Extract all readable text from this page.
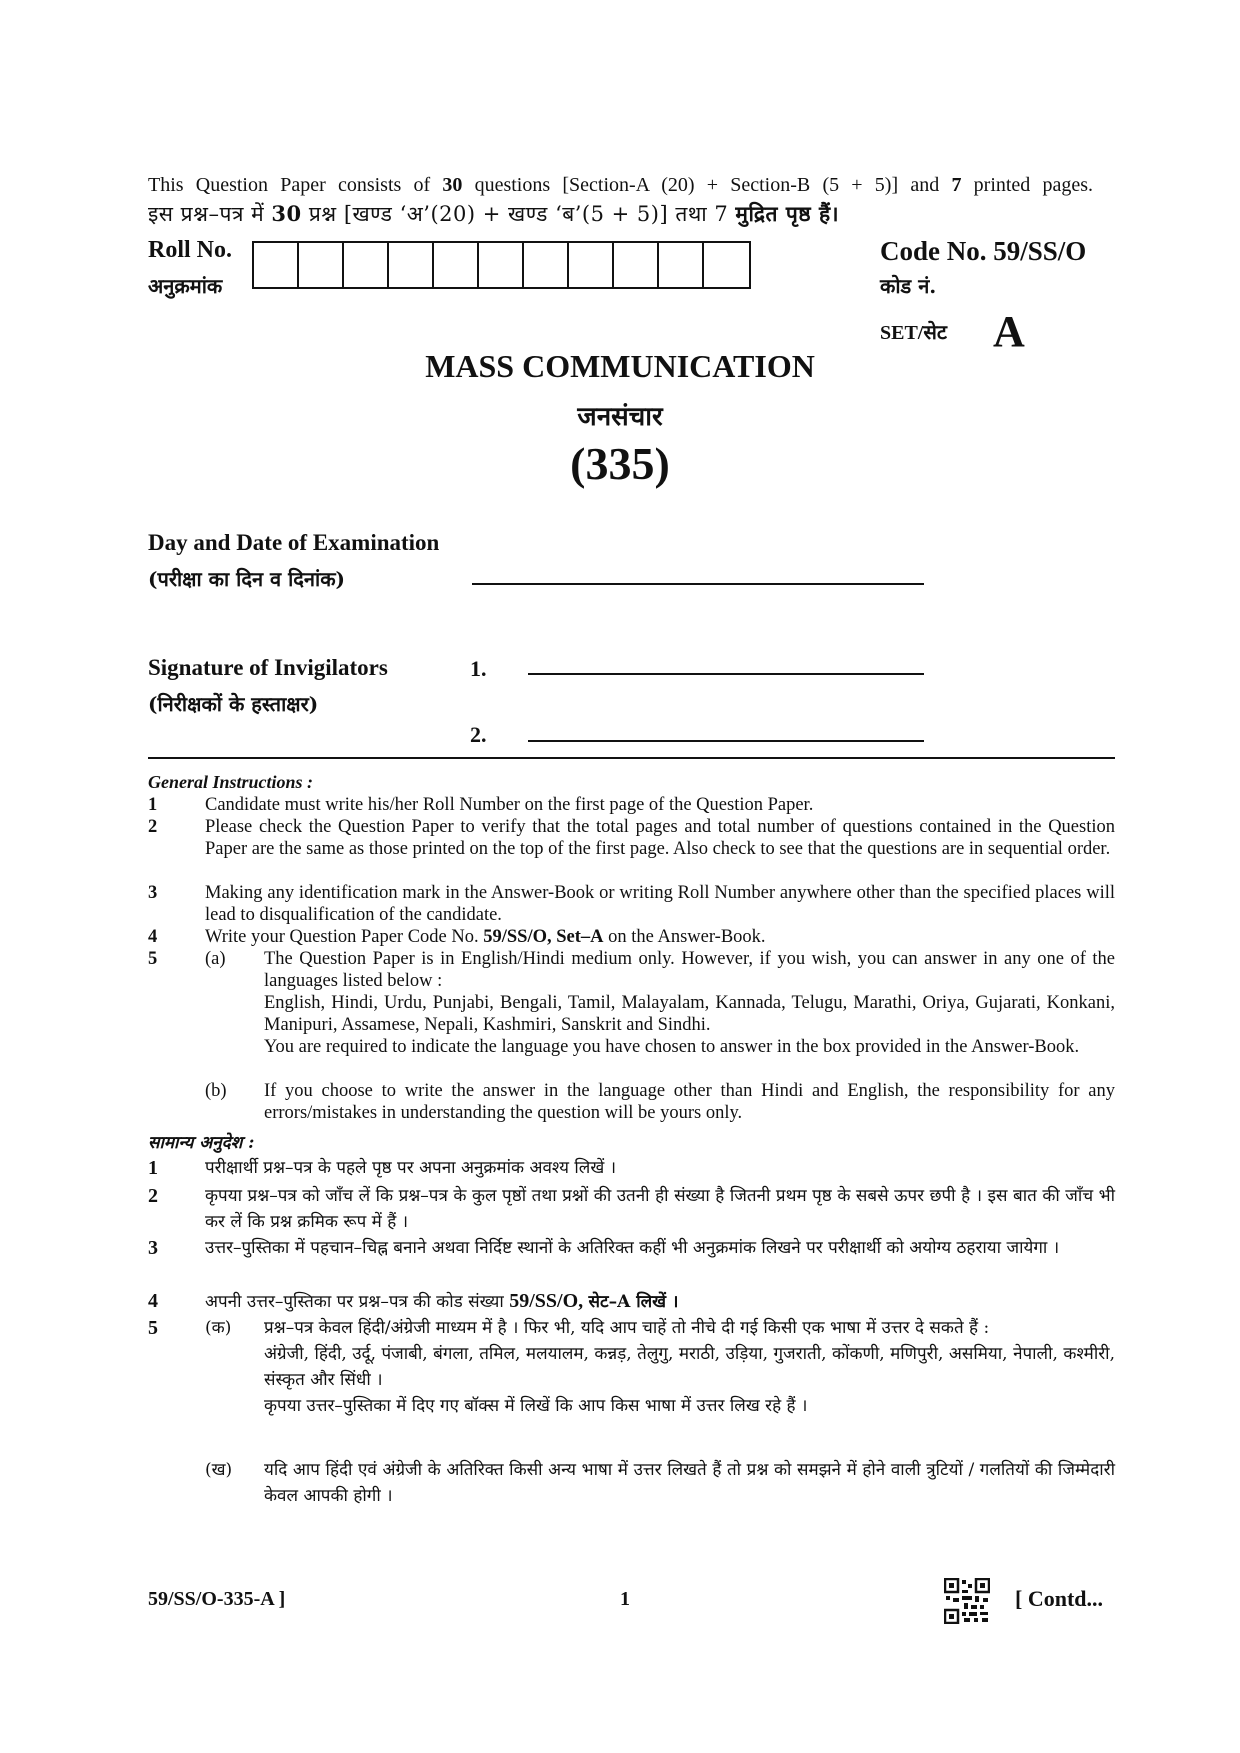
This Question Paper consists of 30 questions [Section-A (20) + Section-B (5 + 5)] and 7 printed pages.
इस प्रश्न–पत्र में 30 प्रश्न [खण्ड ‘अ’(20) + खण्ड ‘ब’(5 + 5)] तथा 7 मुद्रित पृष्ठ हैं।
Roll No.
अनुक्रमांक
Code No. 59/SS/O
कोड नं.
SET/सेट A
MASS COMMUNICATION
जनसंचार
(335)
Day and Date of Examination
(परीक्षा का दिन व दिनांक)
Signature of Invigilators
(निरीक्षकों के हस्ताक्षर)
1.
2.
General Instructions :
1	Candidate must write his/her Roll Number on the first page of the Question Paper.
2	Please check the Question Paper to verify that the total pages and total number of questions contained in the Question Paper are the same as those printed on the top of the first page. Also check to see that the questions are in sequential order.
3	Making any identification mark in the Answer-Book or writing Roll Number anywhere other than the specified places will lead to disqualification of the candidate.
4	Write your Question Paper Code No. 59/SS/O, Set–A on the Answer-Book.
5	(a) The Question Paper is in English/Hindi medium only. However, if you wish, you can answer in any one of the languages listed below :
English, Hindi, Urdu, Punjabi, Bengali, Tamil, Malayalam, Kannada, Telugu, Marathi, Oriya, Gujarati, Konkani, Manipuri, Assamese, Nepali, Kashmiri, Sanskrit and Sindhi.
You are required to indicate the language you have chosen to answer in the box provided in the Answer-Book.
(b) If you choose to write the answer in the language other than Hindi and English, the responsibility for any errors/mistakes in understanding the question will be yours only.
सामान्य अनुदेश :
1	परीक्षार्थी प्रश्न–पत्र के पहले पृष्ठ पर अपना अनुक्रमांक अवश्य लिखें ।
2	कृपया प्रश्न–पत्र को जाँच लें कि प्रश्न–पत्र के कुल पृष्ठों तथा प्रश्नों की उतनी ही संख्या है जितनी प्रथम पृष्ठ के सबसे ऊपर छपी है । इस बात की जाँच भी कर लें कि प्रश्न क्रमिक रूप में हैं ।
3	उत्तर–पुस्तिका में पहचान–चिह्न बनाने अथवा निर्दिष्ट स्थानों के अतिरिक्त कहीं भी अनुक्रमांक लिखने पर परीक्षार्थी को अयोग्य ठहराया जायेगा ।
4	अपनी उत्तर–पुस्तिका पर प्रश्न–पत्र की कोड संख्या 59/SS/O, सेट–A लिखें ।
5	(क) प्रश्न–पत्र केवल हिंदी/अंग्रेजी माध्यम में है । फिर भी, यदि आप चाहें तो नीचे दी गई किसी एक भाषा में उत्तर दे सकते हैं :
अंग्रेजी, हिंदी, उर्दू, पंजाबी, बंगला, तमिल, मलयालम, कन्नड़, तेलुगु, मराठी, उड़िया, गुजराती, कोंकणी, मणिपुरी, असमिया, नेपाली, कश्मीरी, संस्कृत और सिंधी ।
कृपया उत्तर–पुस्तिका में दिए गए बॉक्स में लिखें कि आप किस भाषा में उत्तर लिख रहे हैं ।
(ख) यदि आप हिंदी एवं अंग्रेजी के अतिरिक्त किसी अन्य भाषा में उत्तर लिखते हैं तो प्रश्न को समझने में होने वाली त्रुटियों / गलतियों की जिम्मेदारी केवल आपकी होगी ।
59/SS/O-335-A ]	1	[ Contd...
